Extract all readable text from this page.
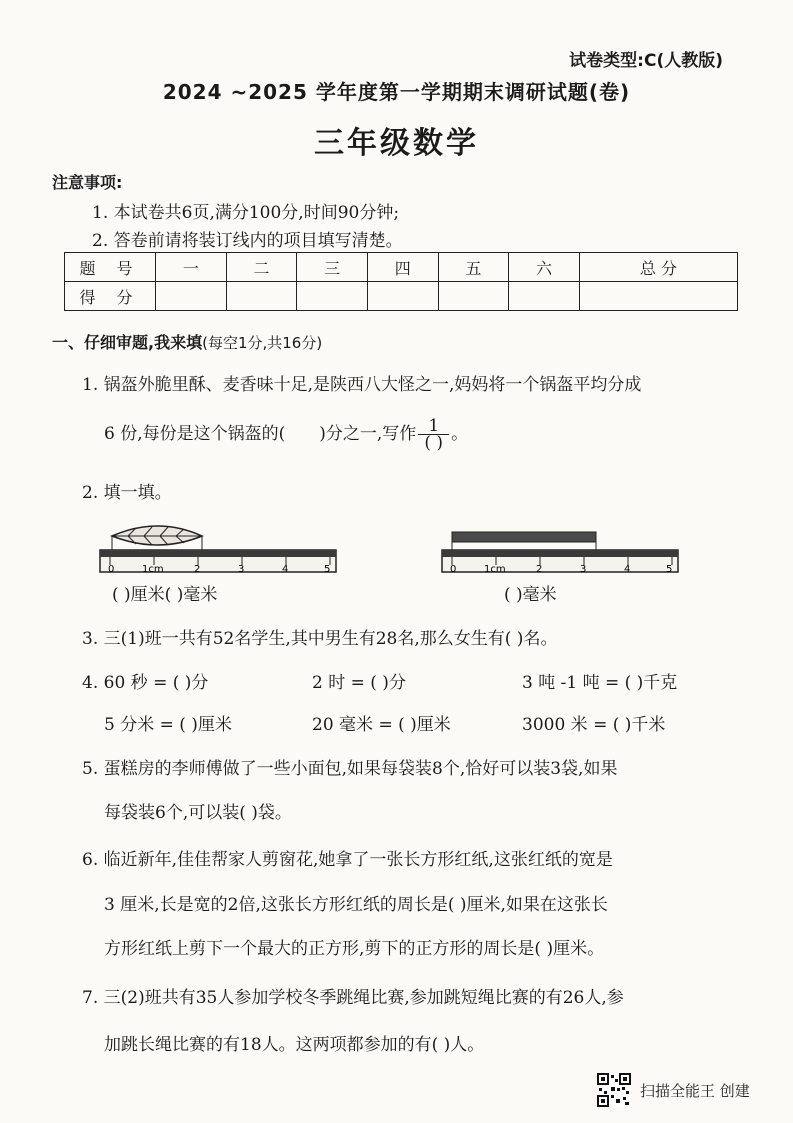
试卷类型:C(人教版)
2024 ~2025 学年度第一学期期末调研试题(卷)
三年级数学
注意事项:
1. 本试卷共6页,满分100分,时间90分钟;
2. 答卷前请将装订线内的项目填写清楚。
题 号	一	二	三	四	五	六	总 分
得 分							
一、仔细审题,我来填(每空1分,共16分)
1. 锅盔外脆里酥、麦香味十足,是陕西八大怪之一,妈妈将一个锅盔平均分成
6 份,每份是这个锅盔的( )分之一,写作 $\frac{1}{( )}$ 。
2. 填一填。
0	1cm	2	3	4	5
( )厘米( )毫米
0	1cm	2	3	4	5
( )毫米
3. 三(1)班一共有52名学生,其中男生有28名,那么女生有( )名。
4. 60 秒 = ( )分	2 时 = ( )分	3 吨 -1 吨 = ( )千克
5 分米 = ( )厘米	20 毫米 = ( )厘米	3000 米 = ( )千米
5. 蛋糕房的李师傅做了一些小面包,如果每袋装8个,恰好可以装3袋,如果
每袋装6个,可以装( )袋。
6. 临近新年,佳佳帮家人剪窗花,她拿了一张长方形红纸,这张红纸的宽是
3 厘米,长是宽的2倍,这张长方形红纸的周长是( )厘米,如果在这张长
方形红纸上剪下一个最大的正方形,剪下的正方形的周长是( )厘米。
7. 三(2)班共有35人参加学校冬季跳绳比赛,参加跳短绳比赛的有26人,参
加跳长绳比赛的有18人。这两项都参加的有( )人。
扫描全能王 创建
